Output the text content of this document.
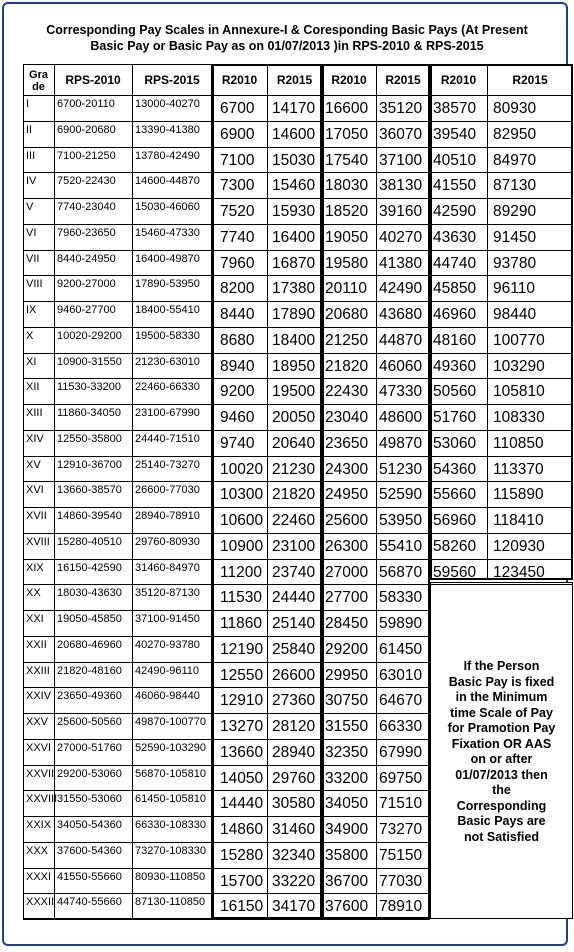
Corresponding Pay Scales in Annexure-I & Coresponding Basic Pays (At Present
Basic Pay or Basic Pay as on 01/07/2013 )in RPS-2010 & RPS-2015
Gra
de	RPS-2010	RPS-2015	R2010	R2015	R2010	R2015	R2010	R2015
If the Person
Basic Pay is fixed
in the Minimum
time Scale of Pay
for Pramotion Pay
Fixation OR AAS
on or after
01/07/2013 then
the
Corresponding
Basic Pays are
not Satisfied
I	6700-20110 13000-40270 6700 14170 16600 35120 38570 80930
II 6900-20680 13390-41380 6900 14600 17050 36070 39540 82950
III 7100-21250 13780-42490 7100 15030 17540 37100 40510 84970
IV 7520-22430 14600-44870 7300 15460 18030 38130 41550 87130
V 7740-23040 15030-46060 7520 15930 18520 39160 42590 89290
VI 7960-23650 15460-47330 7740 16400 19050 40270 43630 91450
VII 8440-24950 16400-49870 7960 16870 19580 41380 44740 93780
VIII 9200-27000 17890-53950 8200 17380 20110 42490 45850 96110
IX 9460-27700 18400-55410 8440 17890 20680 43680 46960 98440
X 10020-29200 19500-58330 8680 18400 21250 44870 48160 100770
XI 10900-31550 21230-63010 8940 18950 21820 46060 49360 103290
XII 11530-33200 22460-66330 9200 19500 22430 47330 50560 105810
XIII 11860-34050 23100-67990 9460 20050 23040 48600 51760 108330
XIV 12550-35800 24440-71510 9740 20640 23650 49870 53060 110850
XV 12910-36700 25140-73270 10020 21230 24300 51230 54360 113370
XVI 13660-38570 26600-77030 10300 21820 24950 52590 55660 115890
XVII 14860-39540 28940-78910 10600 22460 25600 53950 56960 118410
XVIII 15280-40510 29760-80930 10900 23100 26300 55410 58260 120930
XIX 16150-42590 31460-84970 11200 23740 27000 56870 59560 123450
XX 18030-43630 35120-87130 11530 24440 27700 58330
XXI 19050-45850 37100-91450 11860 25140 28450 59890
XXII 20680-46960 40270-93780 12190 25840 29200 61450
XXIII 21820-48160 42490-96110 12550 26600 29950 63010
XXIV 23650-49360 46060-98440 12910 27360 30750 64670
XXV 25600-50560 49870-100770 13270 28120 31550 66330
XXVI 27000-51760 52590-103290 13660 28940 32350 67990
XXVII 29200-53060 56870-105810 14050 29760 33200 69750
XXVIII 31550-53060 61450-105810 14440 30580 34050 71510
XXIX 34050-54360 66330-108330 14860 31460 34900 73270
XXX 37600-54360 73270-108330 15280 32340 35800 75150
XXXI 41550-55660 80930-110850 15700 33220 36700 77030
XXXII 44740-55660 87130-110850 16150 34170 37600 78910
